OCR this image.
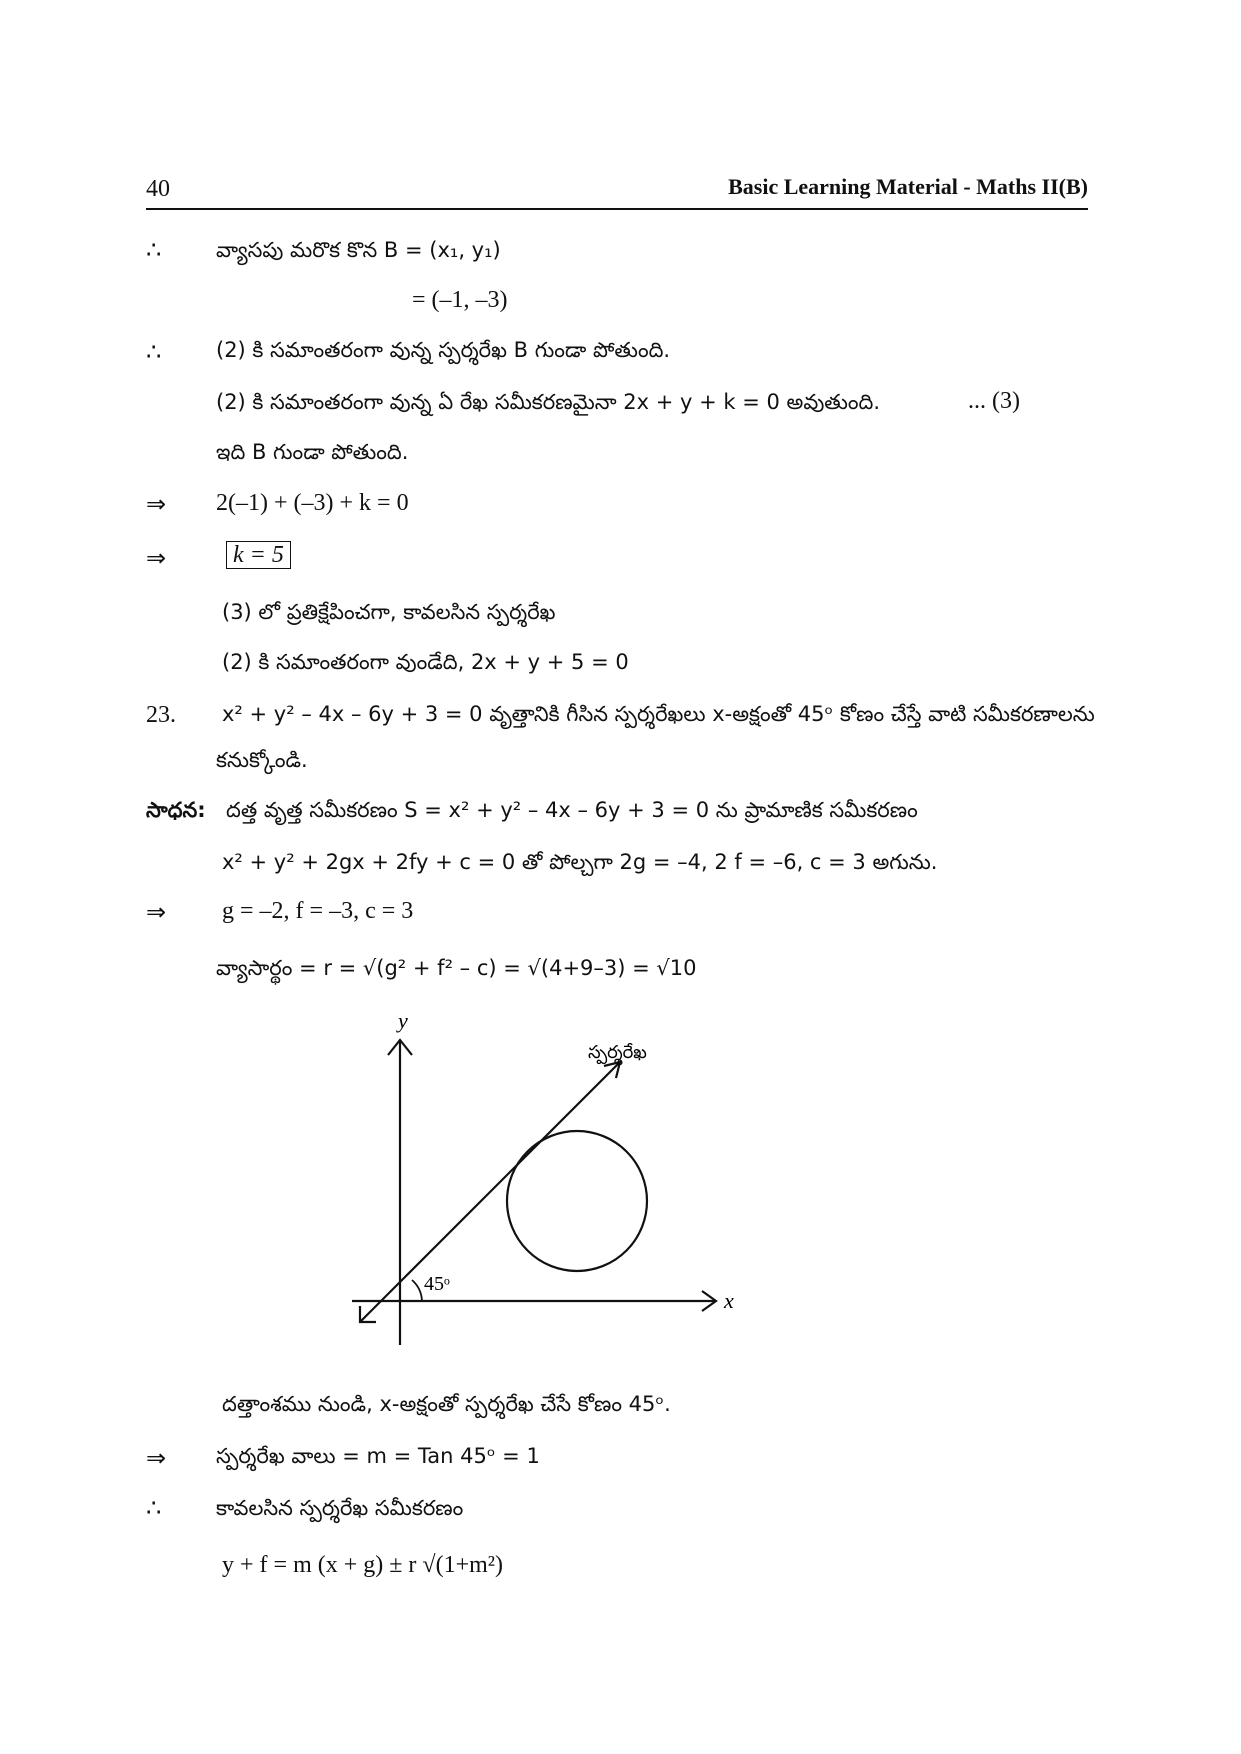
40	Basic Learning Material - Maths II(B)
∴	వ్యాసపు మరొక కొన B = (x₁, y₁)
= (–1, –3)
∴	(2) కి సమాంతరంగా వున్న స్పర్శరేఖ B గుండా పోతుంది.
(2) కి సమాంతరంగా వున్న ఏ రేఖ సమీకరణమైనా 2x + y + k = 0 అవుతుంది.	... (3)
ఇది B గుండా పోతుంది.
⇒ 2(–1) + (–3) + k = 0
⇒	k = 5
(3) లో ప్రతిక్షేపించగా, కావలసిన స్పర్శరేఖ
(2) కి సమాంతరంగా వుండేది, 2x + y + 5 = 0
23. x² + y² – 4x – 6y + 3 = 0 వృత్తానికి గీసిన స్పర్శరేఖలు x-అక్షంతో 45ᵒ కోణం చేస్తే వాటి సమీకరణాలను
కనుక్కోండి.
సాధన: దత్త వృత్త సమీకరణం S = x² + y² – 4x – 6y + 3 = 0 ను ప్రామాణిక సమీకరణం
x² + y² + 2gx + 2fy + c = 0 తో పోల్చగా 2g = –4, 2 f = –6, c = 3 అగును.
⇒ g = –2, f = –3, c = 3
వ్యాసార్థం = r = √(g² + f² – c) = √(4+9–3) = √10
y
x
స్పర్శరేఖ
45ᵒ
దత్తాంశము నుండి, x-అక్షంతో స్పర్శరేఖ చేసే కోణం 45ᵒ.
⇒ స్పర్శరేఖ వాలు = m = Tan 45ᵒ = 1
∴	కావలసిన స్పర్శరేఖ సమీకరణం
y + f = m (x + g) ± r √(1+m²)
